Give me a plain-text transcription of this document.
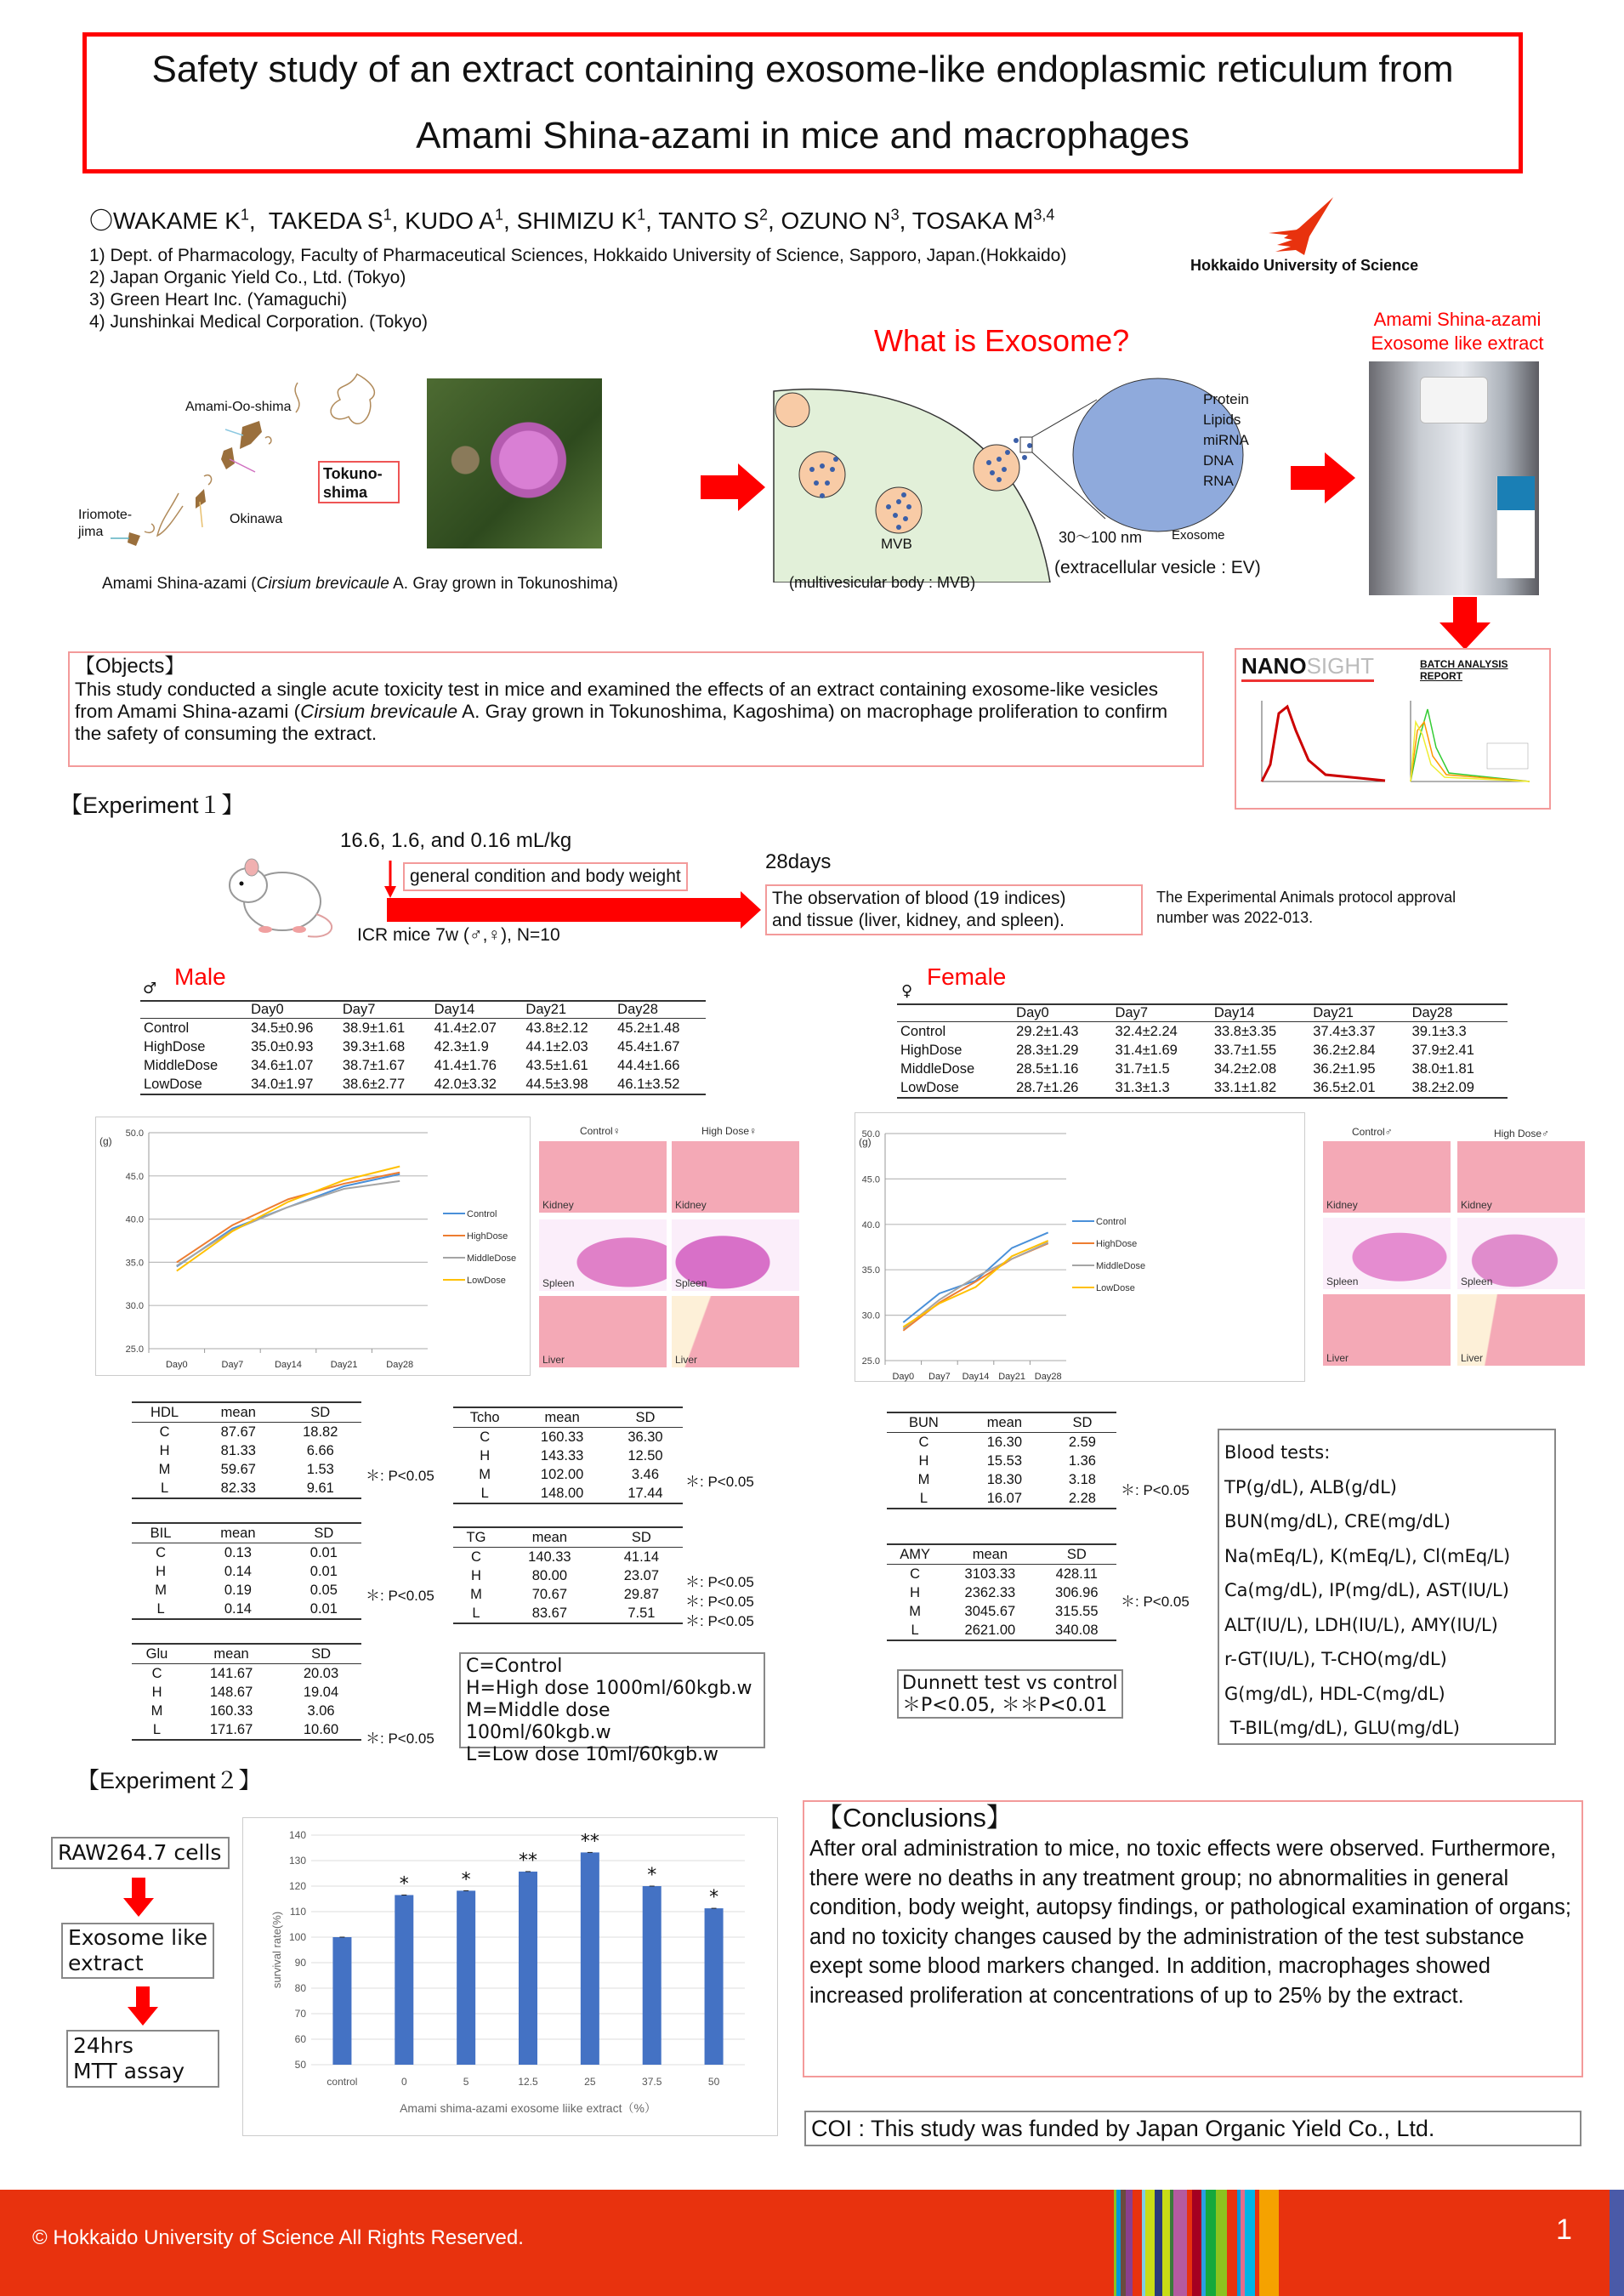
Safety study of an extract containing exosome-like endoplasmic reticulum from
Amami Shina-azami in mice and macrophages
〇WAKAME $K^1$,  TAKEDA $S^1$, KUDO $A^1$, SHIMIZU $K^1$, TANTO $S^2$, OZUNO $N^3$, TOSAKA M$^{3,4}$
1) Dept. of Pharmacology, Faculty of Pharmaceutical Sciences, Hokkaido University of Science, Sapporo, Japan.(Hokkaido)
2) Japan Organic Yield Co., Ltd. (Tokyo)
3) Green Heart Inc. (Yamaguchi)
4) Junshinkai Medical Corporation. (Tokyo)
Hokkaido University of Science
Amami-Oo-shima
Tokuno-
shima
Okinawa
Iriomote-
jima
Amami Shina-azami (Cirsium brevicaule A. Gray grown in Tokunoshima)
What is Exosome?
Protein
Lipids
miRNA
DNA
RNA
MVB	30～100 nm Exosome
(multivesicular body : MVB)
(extracellular vesicle : EV)
Amami Shina-azami
Exosome like extract
NANOSIGHT	BATCH ANALYSIS REPORT
【Objects】
This study conducted a single acute toxicity test in mice and examined the effects of an extract containing exosome-like vesicles from Amami Shina-azami (Cirsium brevicaule A. Gray grown in Tokunoshima, Kagoshima) on macrophage proliferation to confirm the safety of consuming the extract.
【Experiment１】
16.6, 1.6, and 0.16 mL/kg
general condition and body weight
28days
The observation of blood (19 indices)
and tissue (liver, kidney, and spleen).
The Experimental Animals protocol approval
number was 2022-013.
ICR mice 7w (♂,♀), N=10
♂ Male
	Day0	Day7	Day14	Day21	Day28
Control	34.5±0.96	38.9±1.61	41.4±2.07	43.8±2.12	45.2±1.48
HighDose	35.0±0.93	39.3±1.68	42.3±1.9	44.1±2.03	45.4±1.67
MiddleDose	34.6±1.07	38.7±1.67	41.4±1.76	43.5±1.61	44.4±1.66
LowDose	34.0±1.97	38.6±2.77	42.0±3.32	44.5±3.98	46.1±3.52
♀
Female
	Day0	Day7	Day14	Day21	Day28
Control	29.2±1.43	32.4±2.24	33.8±3.35	37.4±3.37	39.1±3.3
HighDose	28.3±1.29	31.4±1.69	33.7±1.55	36.2±2.84	37.9±2.41
MiddleDose	28.5±1.16	31.7±1.5	34.2±2.08	36.2±1.95	38.0±1.81
LowDose	28.7±1.26	31.3±1.3	33.1±1.82	36.5±2.01	38.2±2.09
25.0
30.0
35.0
40.0
45.0
50.0
(g)
Day0	Day7	Day14	Day21	Day28
Control
HighDose
MiddleDose
LowDose
25.0
30.0
35.0
40.0
45.0
50.0
(g)
Day0 Day7 Day14 Day21 Day28
Control
HighDose
MiddleDose
LowDose
Control♀	High Dose♀
Kidney	Kidney
Spleen	Spleen
Liver	Liver
Control♂	High Dose♂
Kidney	Kidney
Spleen	Spleen
Liver	Liver
HDL	mean	SD
C	87.67	18.82
H	81.33	6.66
M	59.67	1.53
L	82.33	9.61
＊: P<0.05
BIL	mean	SD
C	0.13	0.01
H	0.14	0.01
M	0.19	0.05
L	0.14	0.01
＊: P<0.05
Glu	mean	SD
C	141.67	20.03
H	148.67	19.04
M	160.33	3.06
L	171.67	10.60
＊: P<0.05
Tcho	mean	SD
C	160.33	36.30
H	143.33	12.50
M	102.00	3.46
L	148.00	17.44
＊: P<0.05
TG	mean	SD
C	140.33	41.14
H	80.00	23.07
M	70.67	29.87
L	83.67	7.51
＊: P<0.05
＊: P<0.05
＊: P<0.05
C=Control
H=High dose 1000ml/60kgb.w
M=Middle dose 100ml/60kgb.w
L=Low dose 10ml/60kgb.w
BUN	mean	SD
C	16.30	2.59
H	15.53	1.36
M	18.30	3.18
L	16.07	2.28 ＊: P<0.05
AMY	mean	SD
C	3103.33	428.11
H	2362.33	306.96
M	3045.67	315.55
L	2621.00	340.08
＊: P<0.05
Dunnett test vs control
＊P<0.05, ＊＊P<0.01
Blood tests:
TP(g/dL), ALB(g/dL)
BUN(mg/dL), CRE(mg/dL)
Na(mEq/L), K(mEq/L), Cl(mEq/L)
Ca(mg/dL), IP(mg/dL), AST(IU/L)
ALT(IU/L), LDH(IU/L), AMY(IU/L)
r-GT(IU/L), T-CHO(mg/dL)
G(mg/dL), HDL-C(mg/dL)
T-BIL(mg/dL), GLU(mg/dL)
【Experiment２】
RAW264.7 cells
Exosome like
extract
24hrs
MTT assay	50
60
70
80
90
100
110
120
130
140
control	0
*
5
*
12.5
**
25
**
37.5
*
50
*
Amami shima-azami exosome liike extract（%）
survival rate(%)
【Conclusions】
After oral administration to mice, no toxic effects were observed. Furthermore, there were no deaths in any treatment group; no abnormalities in general condition, body weight, autopsy findings, or pathological examination of organs; and no toxicity changes caused by the administration of the test substance exept some blood markers changed. In addition, macrophages showed increased proliferation at concentrations of up to 25% by the extract.
COI : This study was funded by Japan Organic Yield Co., Ltd.
© Hokkaido University of Science All Rights Reserved.	1
